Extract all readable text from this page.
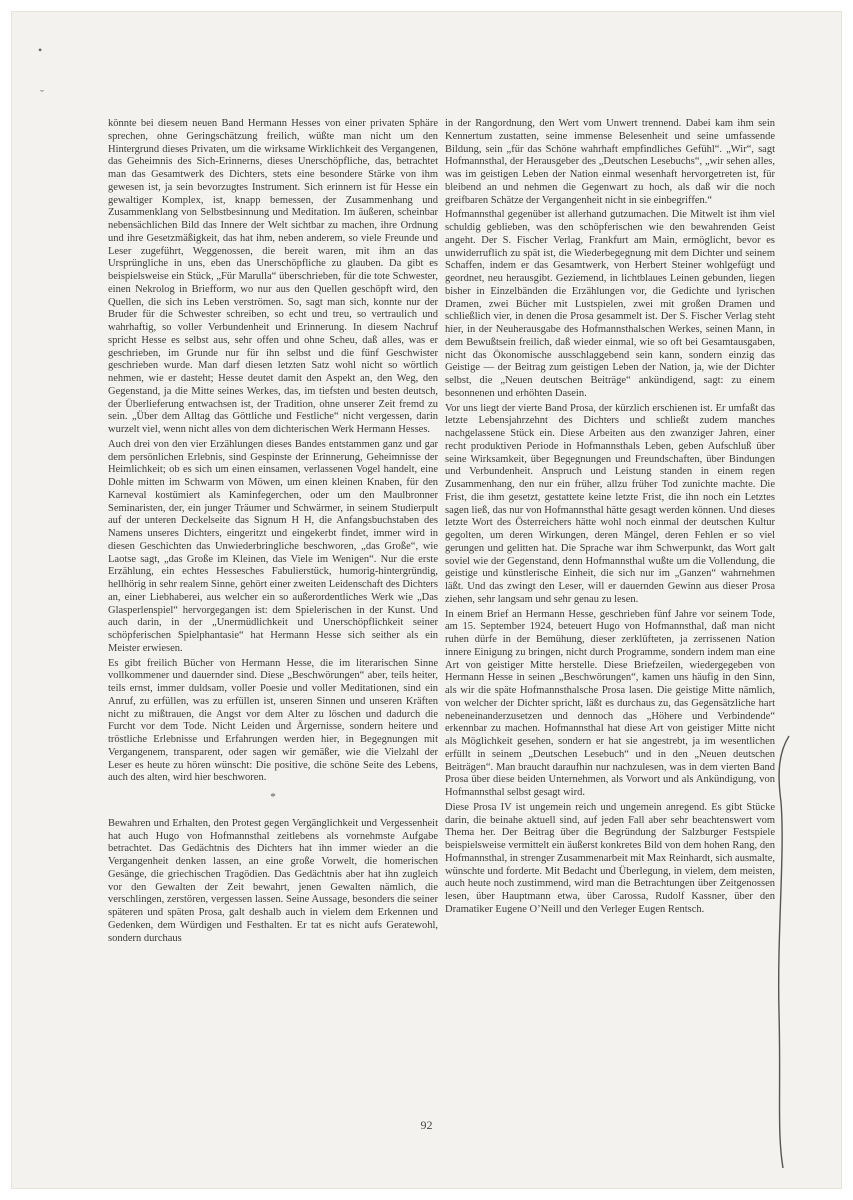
•
˘

könnte bei diesem neuen Band Hermann Hesses von einer privaten Sphäre sprechen, ohne Geringschätzung freilich, wüßte man nicht um den Hintergrund dieses Privaten, um die wirksame Wirklichkeit des Vergangenen, das Geheimnis des Sich-Erinnerns, dieses Unerschöpfliche, das, betrachtet man das Gesamtwerk des Dichters, stets eine besondere Stärke von ihm gewesen ist, ja sein bevorzugtes Instrument. Sich erinnern ist für Hesse ein gewaltiger Komplex, ist, knapp bemessen, der Zusammenhang und Zusammenklang von Selbstbesinnung und Meditation. Im äußeren, scheinbar nebensächlichen Bild das Innere der Welt sichtbar zu machen, ihre Ordnung und ihre Gesetzmäßigkeit, das hat ihm, neben anderem, so viele Freunde und Leser zugeführt, Weggenossen, die bereit waren, mit ihm an das Ursprüngliche in uns, eben das Unerschöpfliche zu glauben. Da gibt es beispielsweise ein Stück, „Für Marulla“ überschrieben, für die tote Schwester, einen Nekrolog in Briefform, wo nur aus den Quellen geschöpft wird, den Quellen, die sich ins Leben verströmen. So, sagt man sich, konnte nur der Bruder für die Schwester schreiben, so echt und treu, so vertraulich und wahrhaftig, so voller Verbundenheit und Erinnerung. In diesem Nachruf spricht Hesse es selbst aus, sehr offen und ohne Scheu, daß alles, was er geschrieben, im Grunde nur für ihn selbst und die fünf Geschwister geschrieben wurde. Man darf diesen letzten Satz wohl nicht so wörtlich nehmen, wie er dasteht; Hesse deutet damit den Aspekt an, den Weg, den Gegenstand, ja die Mitte seines Werkes, das, im tiefsten und besten deutsch, der Überlieferung entwachsen ist, der Tradition, ohne unserer Zeit fremd zu sein. „Über dem Alltag das Göttliche und Festliche“ nicht vergessen, darin wurzelt viel, wenn nicht alles von dem dichterischen Werk Hermann Hesses.

Auch drei von den vier Erzählungen dieses Bandes entstammen ganz und gar dem persönlichen Erlebnis, sind Gespinste der Erinnerung, Geheimnisse der Heimlichkeit; ob es sich um einen einsamen, verlassenen Vogel handelt, eine Dohle mitten im Schwarm von Möwen, um einen kleinen Knaben, für den Karneval kostümiert als Kaminfegerchen, oder um den Maulbronner Seminaristen, der, ein junger Träumer und Schwärmer, in seinem Studierpult auf der unteren Deckelseite das Signum H H, die Anfangsbuchstaben des Namens unseres Dichters, eingeritzt und eingekerbt findet, immer wird in diesen Geschichten das Unwiederbringliche beschworen, „das Große“, wie Laotse sagt, „das Große im Kleinen, das Viele im Wenigen“. Nur die erste Erzählung, ein echtes Hessesches Fabulierstück, humorig-hintergründig, hellhörig in sehr realem Sinne, gehört einer zweiten Leidenschaft des Dichters an, einer Liebhaberei, aus welcher ein so außerordentliches Werk wie „Das Glasperlenspiel“ hervorgegangen ist: dem Spielerischen in der Kunst. Und auch darin, in der „Unermüdlichkeit und Unerschöpflichkeit seiner schöpferischen Spielphantasie“ hat Hermann Hesse sich seither als ein Meister erwiesen.

Es gibt freilich Bücher von Hermann Hesse, die im literarischen Sinne vollkommener und dauernder sind. Diese „Beschwörungen“ aber, teils heiter, teils ernst, immer duldsam, voller Poesie und voller Meditationen, sind ein Anruf, zu erfüllen, was zu erfüllen ist, unseren Sinnen und unseren Kräften nicht zu mißtrauen, die Angst vor dem Alter zu löschen und dadurch die Furcht vor dem Tode. Nicht Leiden und Ärgernisse, sondern heitere und tröstliche Erlebnisse und Erfahrungen werden hier, in Begegnungen mit Vergangenem, transparent, oder sagen wir gemäßer, wie die Vielzahl der Leser es heute zu hören wünscht: Die positive, die schöne Seite des Lebens, auch des alten, wird hier beschworen.

*

Bewahren und Erhalten, den Protest gegen Vergänglichkeit und Vergessenheit hat auch Hugo von Hofmannsthal zeitlebens als vornehmste Aufgabe betrachtet. Das Gedächtnis des Dichters hat ihn immer wieder an die Vergangenheit denken lassen, an eine große Vorwelt, die homerischen Gesänge, die griechischen Tragödien. Das Gedächtnis aber hat ihn zugleich vor den Gewalten der Zeit bewahrt, jenen Gewalten nämlich, die verschlingen, zerstören, vergessen lassen. Seine Aussage, besonders die seiner späteren und späten Prosa, galt deshalb auch in vielem dem Erkennen und Gedenken, dem Würdigen und Festhalten. Er tat es nicht aufs Geratewohl, sondern durchaus

in der Rangordnung, den Wert vom Unwert trennend. Dabei kam ihm sein Kennertum zustatten, seine immense Belesenheit und seine umfassende Bildung, sein „für das Schöne wahrhaft empfindliches Gefühl“. „Wir“, sagt Hofmannsthal, der Herausgeber des „Deutschen Lesebuchs“, „wir sehen alles, was im geistigen Leben der Nation einmal wesenhaft hervorgetreten ist, für bleibend an und nehmen die Gegenwart zu hoch, als daß wir die noch greifbaren Schätze der Vergangenheit nicht in sie einbegriffen.“

Hofmannsthal gegenüber ist allerhand gutzumachen. Die Mitwelt ist ihm viel schuldig geblieben, was den schöpferischen wie den bewahrenden Geist angeht. Der S. Fischer Verlag, Frankfurt am Main, ermöglicht, bevor es unwiderruflich zu spät ist, die Wiederbegegnung mit dem Dichter und seinem Schaffen, indem er das Gesamtwerk, von Herbert Steiner wohlgefügt und geordnet, neu herausgibt. Geziemend, in lichtblaues Leinen gebunden, liegen bisher in Einzelbänden die Erzählungen vor, die Gedichte und lyrischen Dramen, zwei Bücher mit Lustspielen, zwei mit großen Dramen und schließlich vier, in denen die Prosa gesammelt ist. Der S. Fischer Verlag steht hier, in der Neuherausgabe des Hofmannsthalschen Werkes, seinen Mann, in dem Bewußtsein freilich, daß wieder einmal, wie so oft bei Gesamtausgaben, nicht das Ökonomische ausschlaggebend sein kann, sondern einzig das Geistige — der Beitrag zum geistigen Leben der Nation, ja, wie der Dichter selbst, die „Neuen deutschen Beiträge“ ankündigend, sagt: zu einem besonnenen und erhöhten Dasein.

Vor uns liegt der vierte Band Prosa, der kürzlich erschienen ist. Er umfaßt das letzte Lebensjahrzehnt des Dichters und schließt zudem manches nachgelassene Stück ein. Diese Arbeiten aus den zwanziger Jahren, einer recht produktiven Periode in Hofmannsthals Leben, geben Aufschluß über seine Wirksamkeit, über Begegnungen und Freundschaften, über Bindungen und Verbundenheit. Anspruch und Leistung standen in einem regen Zusammenhang, den nur ein früher, allzu früher Tod zunichte machte. Die Frist, die ihm gesetzt, gestattete keine letzte Frist, die ihn noch ein Letztes sagen ließ, das nur von Hofmannsthal hätte gesagt werden können. Und dieses letzte Wort des Österreichers hätte wohl noch einmal der deutschen Kultur gegolten, um deren Wirkungen, deren Mängel, deren Fehlen er so viel gerungen und gelitten hat. Die Sprache war ihm Schwerpunkt, das Wort galt soviel wie der Gegenstand, denn Hofmannsthal wußte um die Vollendung, die geistige und künstlerische Einheit, die sich nur im „Ganzen“ wahrnehmen läßt. Und das zwingt den Leser, will er dauernden Gewinn aus dieser Prosa ziehen, sehr langsam und sehr genau zu lesen.

In einem Brief an Hermann Hesse, geschrieben fünf Jahre vor seinem Tode, am 15. September 1924, beteuert Hugo von Hofmannsthal, daß man nicht ruhen dürfe in der Bemühung, dieser zerklüfteten, ja zerrissenen Nation innere Einigung zu bringen, nicht durch Programme, sondern indem man eine Art von geistiger Mitte herstelle. Diese Briefzeilen, wiedergegeben von Hermann Hesse in seinen „Beschwörungen“, kamen uns häufig in den Sinn, als wir die späte Hofmannsthalsche Prosa lasen. Die geistige Mitte nämlich, von welcher der Dichter spricht, läßt es durchaus zu, das Gegensätzliche hart nebeneinanderzusetzen und dennoch das „Höhere und Verbindende“ erkennbar zu machen. Hofmannsthal hat diese Art von geistiger Mitte nicht als Möglichkeit gesehen, sondern er hat sie angestrebt, ja im wesentlichen erfüllt in seinem „Deutschen Lesebuch“ und in den „Neuen deutschen Beiträgen“. Man braucht daraufhin nur nachzulesen, was in dem vierten Band Prosa über diese beiden Unternehmen, als Vorwort und als Ankündigung, von Hofmannsthal selbst gesagt wird.

Diese Prosa IV ist ungemein reich und ungemein anregend. Es gibt Stücke darin, die beinahe aktuell sind, auf jeden Fall aber sehr beachtenswert vom Thema her. Der Beitrag über die Begründung der Salzburger Festspiele beispielsweise vermittelt ein äußerst konkretes Bild von dem hohen Rang, den Hofmannsthal, in strenger Zusammenarbeit mit Max Reinhardt, sich ausmalte, wünschte und forderte. Mit Bedacht und Überlegung, in vielem, dem meisten, auch heute noch zustimmend, wird man die Betrachtungen über Zeitgenossen lesen, über Hauptmann etwa, über Carossa, Rudolf Kassner, über den Dramatiker Eugene O’Neill und den Verleger Eugen Rentsch.

92
